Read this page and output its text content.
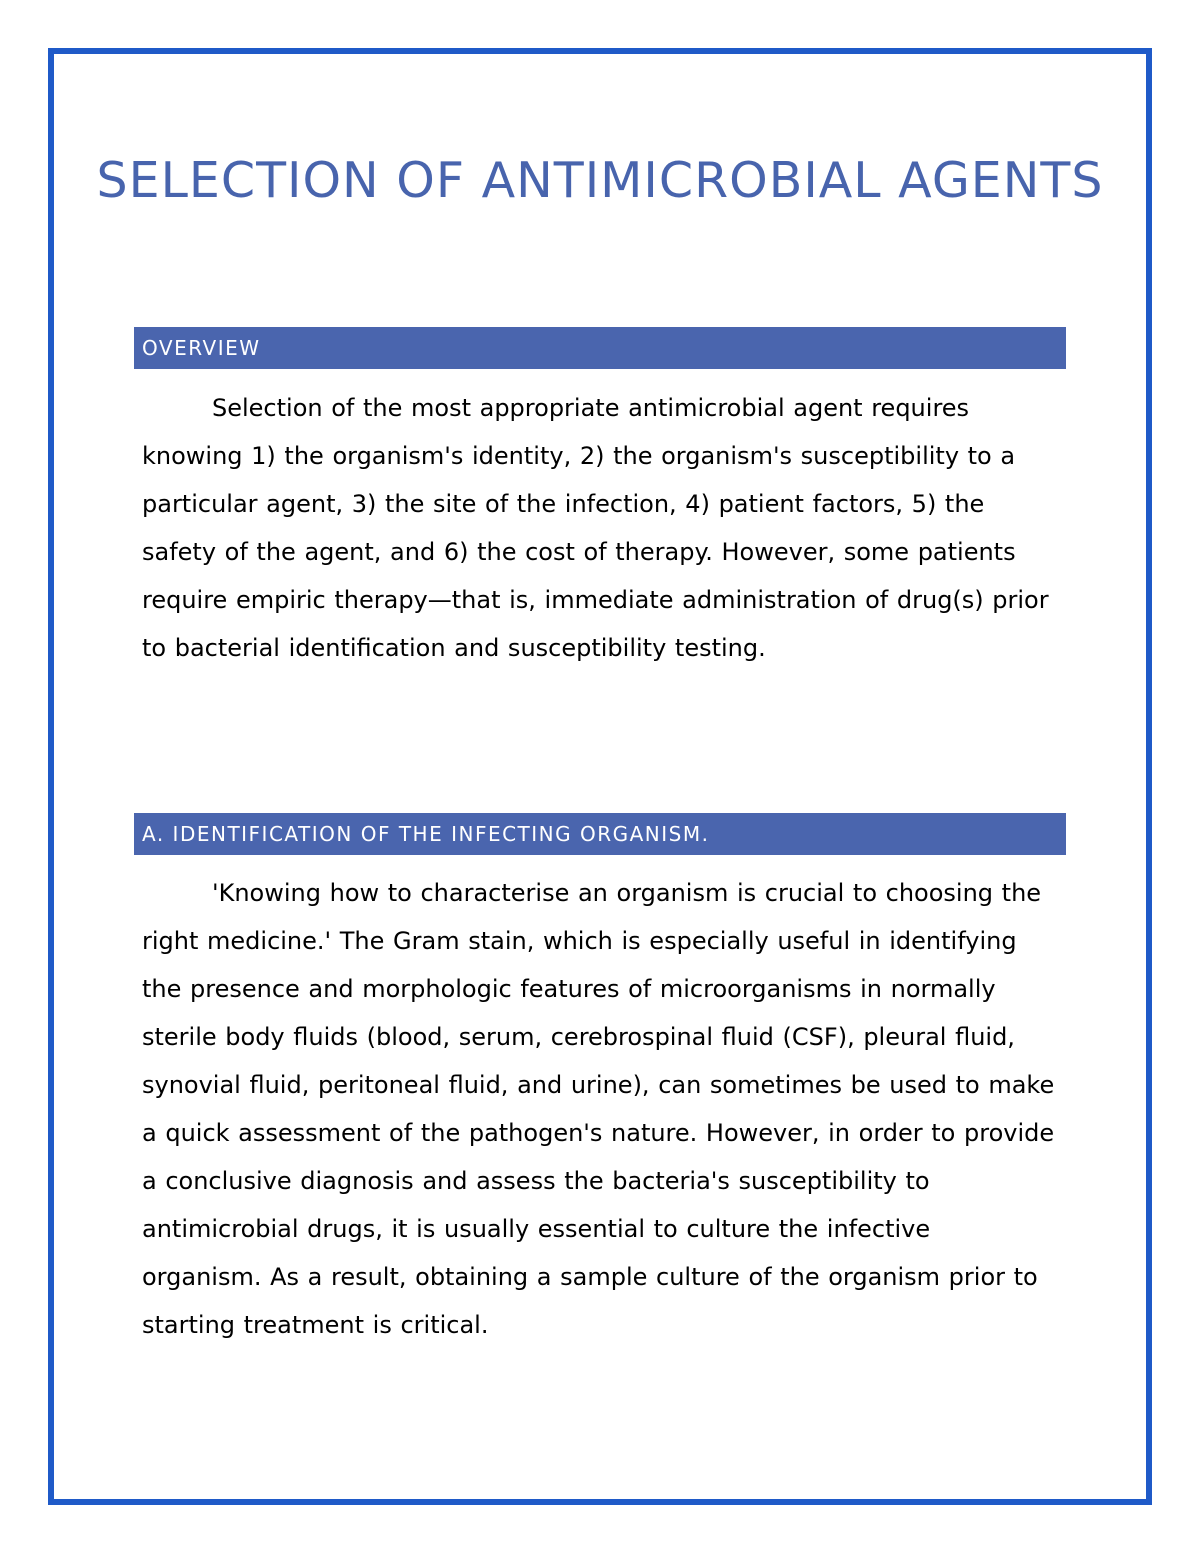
SELECTION OF ANTIMICROBIAL AGENTS
OVERVIEW

Selection of the most appropriate antimicrobial agent requires knowing 1) the organism's identity, 2) the organism's susceptibility to a particular agent, 3) the site of the infection, 4) patient factors, 5) the safety of the agent, and 6) the cost of therapy. However, some patients require empiric therapy—that is, immediate administration of drug(s) prior to bacterial identification and susceptibility testing.

A. IDENTIFICATION OF THE INFECTING ORGANISM.

'Knowing how to characterise an organism is crucial to choosing the right medicine.' The Gram stain, which is especially useful in identifying the presence and morphologic features of microorganisms in normally sterile body fluids (blood, serum, cerebrospinal fluid (CSF), pleural fluid, synovial fluid, peritoneal fluid, and urine), can sometimes be used to make a quick assessment of the pathogen's nature. However, in order to provide a conclusive diagnosis and assess the bacteria's susceptibility to antimicrobial drugs, it is usually essential to culture the infective organism. As a result, obtaining a sample culture of the organism prior to starting treatment is critical.
